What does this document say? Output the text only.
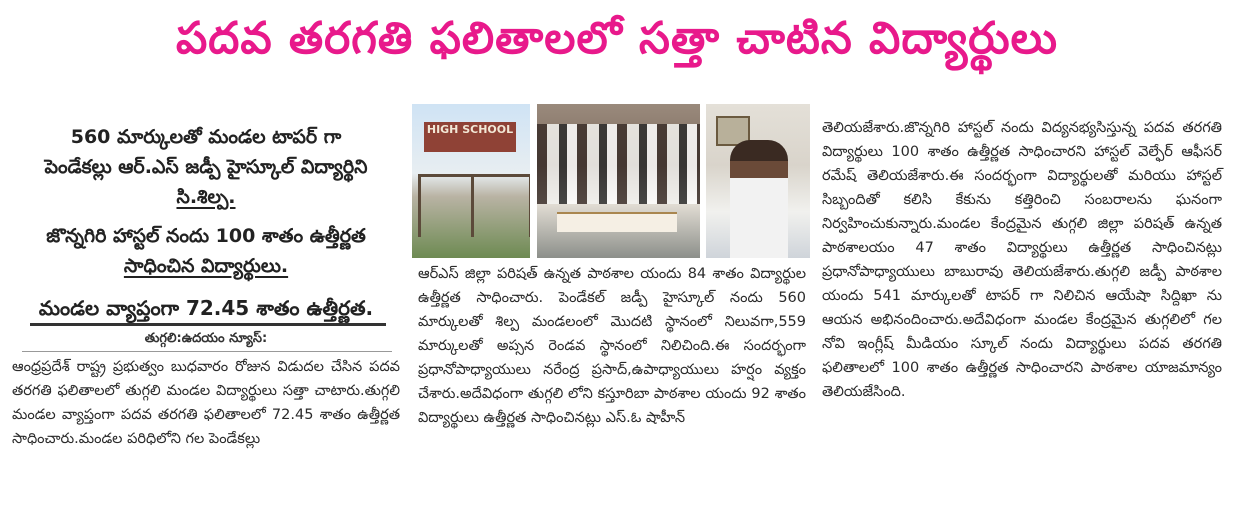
పదవ తరగతి ఫలితాలలో సత్తా చాటిన విద్యార్థులు
560 మార్కులతో మండల టాపర్ గా
పెండేకల్లు ఆర్.ఎస్ జడ్పీ హైస్కూల్ విద్యార్థిని
సి.శిల్ప.
జొన్నగిరి హాస్టల్ నందు 100 శాతం ఉత్తీర్ణత
సాధించిన విద్యార్థులు.
మండల వ్యాప్తంగా 72.45 శాతం ఉత్తీర్ణత.
తుగ్గలి:ఉదయం న్యూస్:
ఆంధ్రప్రదేశ్ రాష్ట్ర ప్రభుత్వం బుధవారం రోజున విడుదల చేసిన పదవ తరగతి ఫలితాలలో తుగ్గలి మండల విద్యార్థులు సత్తా చాటారు.తుగ్గలి మండల వ్యాప్తంగా పదవ తరగతి ఫలితాలలో 72.45 శాతం ఉత్తీర్ణత సాధించారు.మండల పరిధిలోని గల పెండేకల్లు
HIGH SCHOOL
ఆర్ఎస్ జిల్లా పరిషత్ ఉన్నత పాఠశాల యందు 84 శాతం విద్యార్థుల ఉత్తీర్ణత సాధించారు. పెండేకల్ జడ్పీ హైస్కూల్ నందు 560 మార్కులతో శిల్ప మండలంలో మొదటి స్థానంలో నిలువగా,559 మార్కులతో అప్సన రెండవ స్థానంలో నిలిచింది.ఈ సందర్భంగా ప్రధానోపాధ్యాయులు నరేంద్ర ప్రసాద్,ఉపాధ్యాయులు హర్షం వ్యక్తం చేశారు.అదేవిధంగా తుగ్గలి లోని కస్తూరిబా పాఠశాల యందు 92 శాతం విద్యార్థులు ఉత్తీర్ణత సాధించినట్లు ఎస్.ఓ షాహీన్
తెలియజేశారు.జొన్నగిరి హాస్టల్ నందు విద్యనభ్యసిస్తున్న పదవ తరగతి విద్యార్థులు 100 శాతం ఉత్తీర్ణత సాధించారని హాస్టల్ వెల్ఫేర్ ఆఫీసర్ రమేష్ తెలియజేశారు.ఈ సందర్భంగా విద్యార్థులతో మరియు హాస్టల్ సిబ్బందితో కలిసి కేకును కత్తిరించి సంబరాలను ఘనంగా నిర్వహించుకున్నారు.మండల కేంద్రమైన తుగ్గలి జిల్లా పరిషత్ ఉన్నత పాఠశాలయం 47 శాతం విద్యార్థులు ఉత్తీర్ణత సాధించినట్లు ప్రధానోపాధ్యాయులు బాబురావు తెలియజేశారు.తుగ్గలి జడ్పీ పాఠశాల యందు 541 మార్కులతో టాపర్ గా నిలిచిన ఆయేషా సిద్దిఖా ను ఆయన అభినందించారు.అదేవిధంగా మండల కేంద్రమైన తుగ్గలిలో గల నోవి ఇంగ్లీష్ మీడియం స్కూల్ నందు విద్యార్థులు పదవ తరగతి ఫలితాలలో 100 శాతం ఉత్తీర్ణత సాధించారని పాఠశాల యాజమాన్యం తెలియజేసింది.
